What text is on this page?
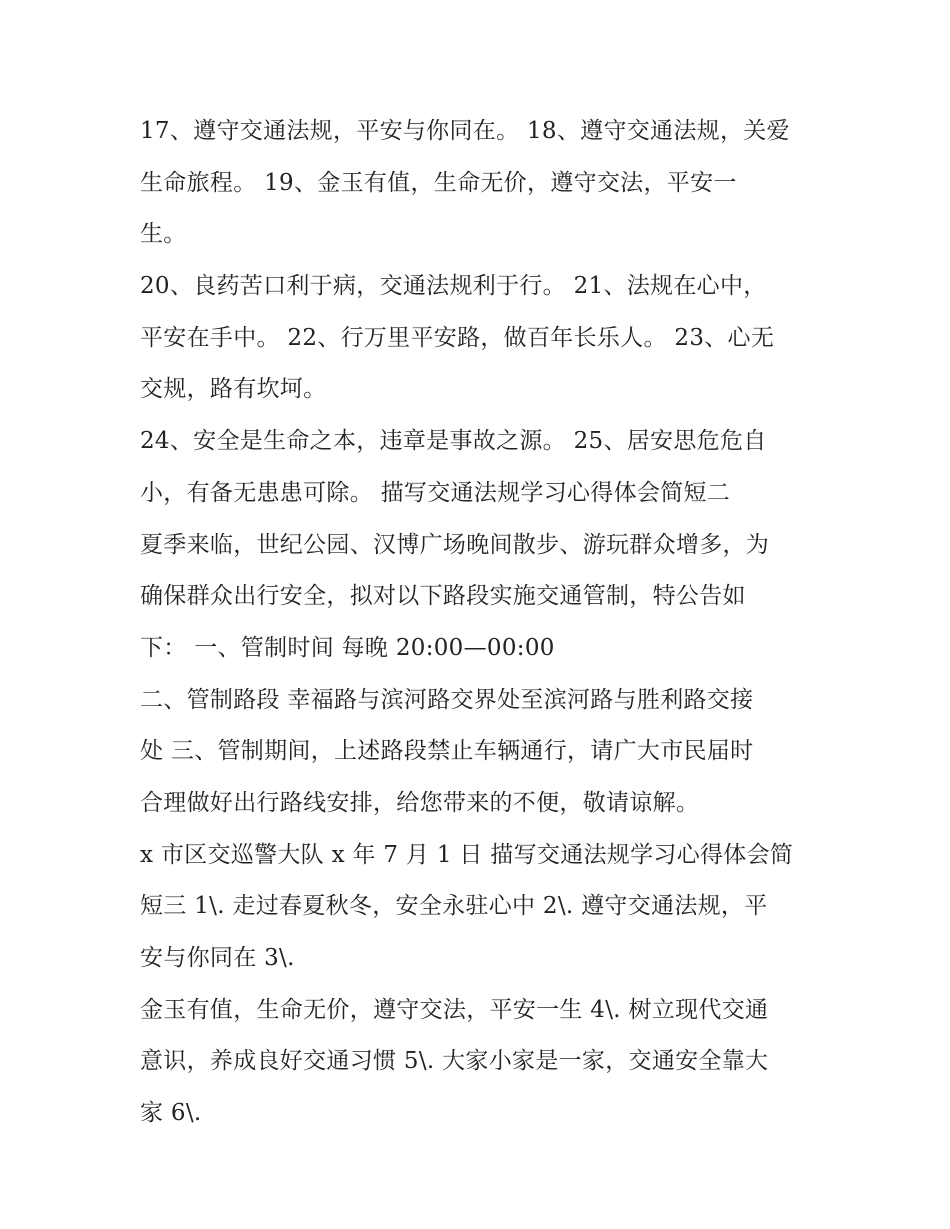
17、遵守交通法规，平安与你同在。 18、遵守交通法规，关爱
生命旅程。 19、金玉有值，生命无价，遵守交法，平安一
生。
20、良药苦口利于病，交通法规利于行。 21、法规在心中，
平安在手中。 22、行万里平安路，做百年长乐人。 23、心无
交规，路有坎坷。
24、安全是生命之本，违章是事故之源。 25、居安思危危自
小，有备无患患可除。 描写交通法规学习心得体会简短二
夏季来临，世纪公园、汉博广场晚间散步、游玩群众增多，为
确保群众出行安全，拟对以下路段实施交通管制，特公告如
下： 一、管制时间 每晚 20:00—00:00
二、管制路段 幸福路与滨河路交界处至滨河路与胜利路交接
处 三、管制期间，上述路段禁止车辆通行，请广大市民届时
合理做好出行路线安排，给您带来的不便，敬请谅解。
x 市区交巡警大队 x 年 7 月 1 日 描写交通法规学习心得体会简
短三 1\. 走过春夏秋冬，安全永驻心中 2\. 遵守交通法规，平
安与你同在 3\.
金玉有值，生命无价，遵守交法，平安一生 4\. 树立现代交通
意识，养成良好交通习惯 5\. 大家小家是一家，交通安全靠大
家 6\.
